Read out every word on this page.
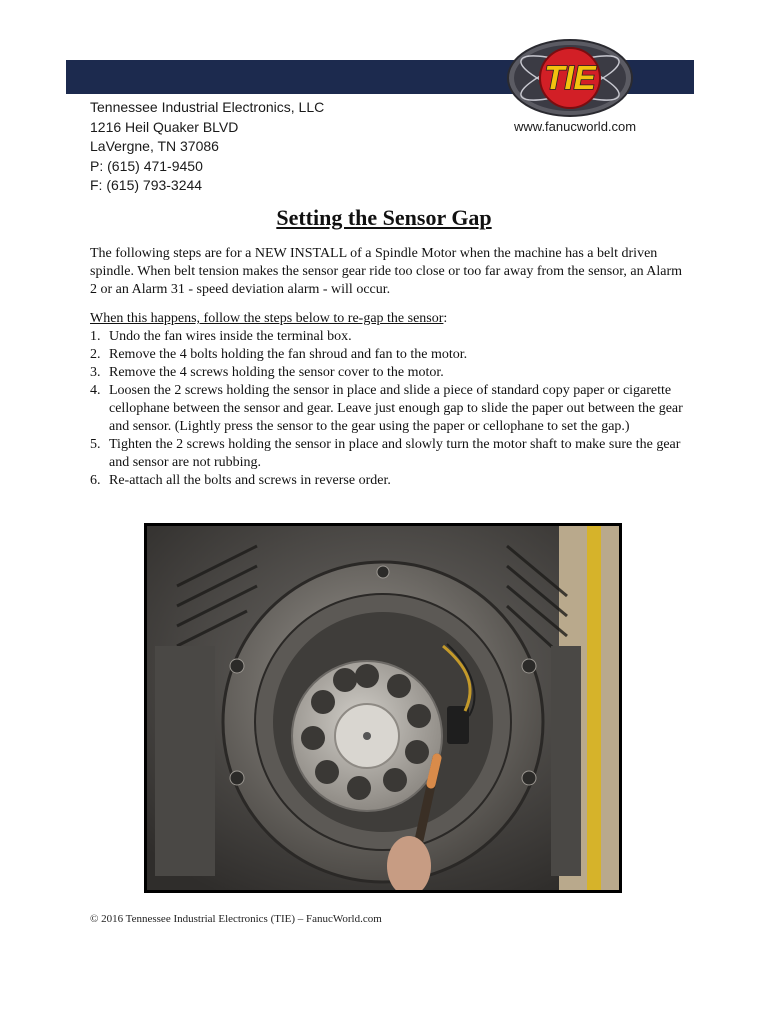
TIE
Tennessee Industrial Electronics, LLC
1216 Heil Quaker BLVD
LaVergne, TN 37086
P: (615) 471-9450
F: (615) 793-3244
www.fanucworld.com
Setting the Sensor Gap
The following steps are for a NEW INSTALL of a Spindle Motor when the machine has a belt driven spindle. When belt tension makes the sensor gear ride too close or too far away from the sensor, an Alarm 2 or an Alarm 31 - speed deviation alarm - will occur.
When this happens, follow the steps below to re-gap the sensor:
1. Undo the fan wires inside the terminal box.
2. Remove the 4 bolts holding the fan shroud and fan to the motor.
3. Remove the 4 screws holding the sensor cover to the motor.
4. Loosen the 2 screws holding the sensor in place and slide a piece of standard copy paper or cigarette cellophane between the sensor and gear. Leave just enough gap to slide the paper out between the gear and sensor. (Lightly press the sensor to the gear using the paper or cellophane to set the gap.)
5. Tighten the 2 screws holding the sensor in place and slowly turn the motor shaft to make sure the gear and sensor are not rubbing.
6. Re-attach all the bolts and screws in reverse order.
© 2016 Tennessee Industrial Electronics (TIE) – FanucWorld.com
